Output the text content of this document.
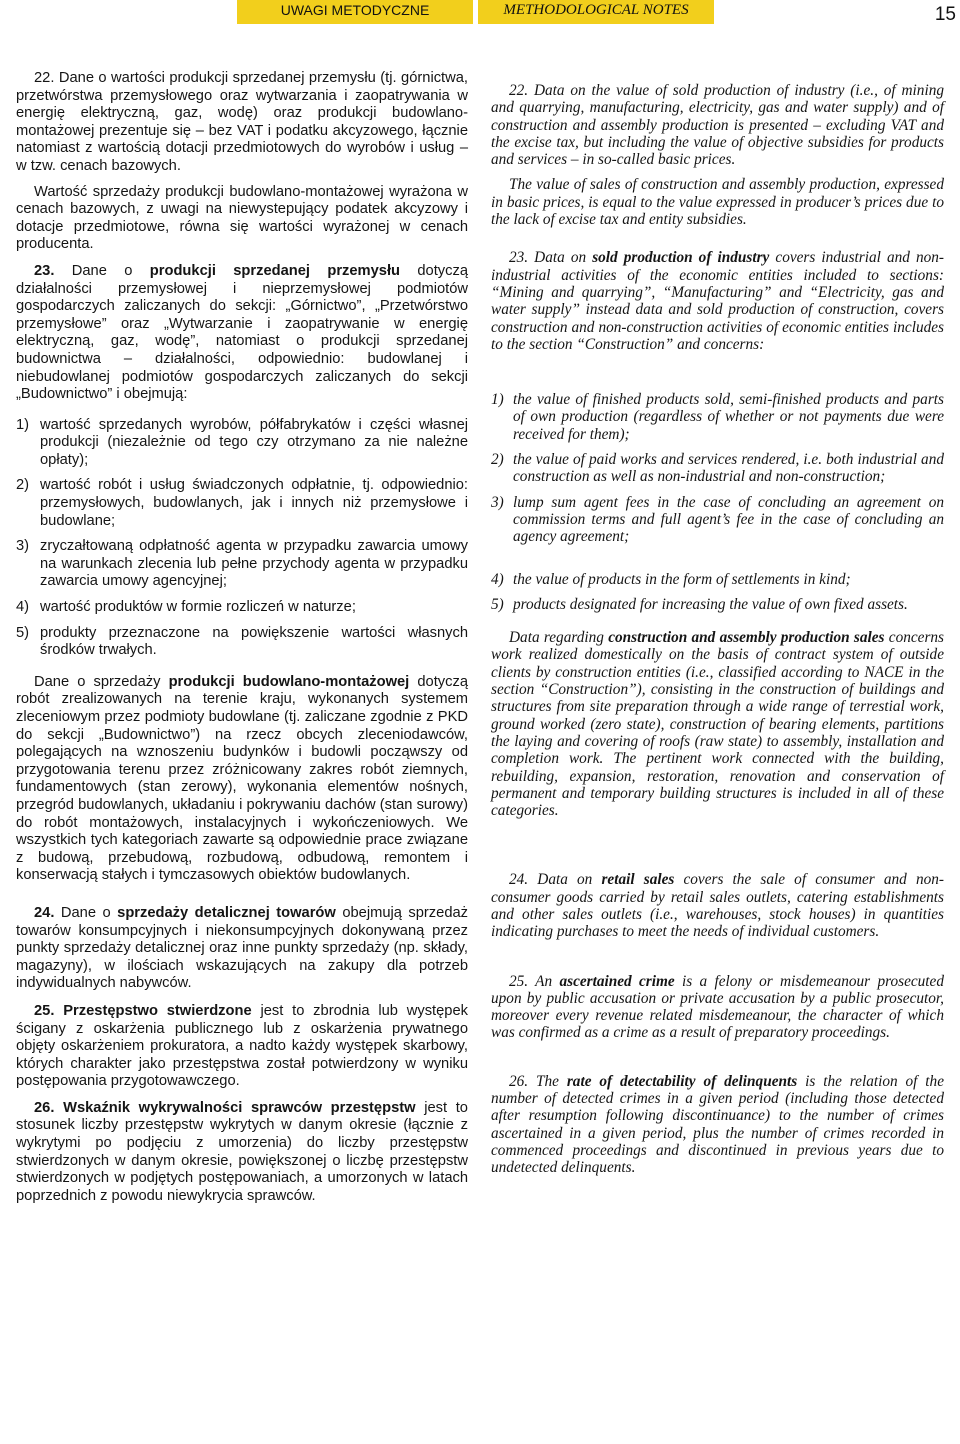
UWAGI METODYCZNE	METHODOLOGICAL NOTES	15

22. Dane o wartości produkcji sprzedanej przemysłu (tj. górnictwa, przetwórstwa przemysłowego oraz wytwarzania i zaopatrywania w energię elektryczną, gaz, wodę) oraz produkcji budowlano-montażowej prezentuje się – bez VAT i podatku akcyzowego, łącznie natomiast z wartością dotacji przedmiotowych do wyrobów i usług – w tzw. cenach bazowych.

Wartość sprzedaży produkcji budowlano-montażowej wyrażona w cenach bazowych, z uwagi na niewystepujący podatek akcyzowy i dotacje przedmiotowe, równa się wartości wyrażonej w cenach producenta.

23. Dane o produkcji sprzedanej przemysłu dotyczą działalności przemysłowej i nieprzemysłowej podmiotów gospodarczych zaliczanych do sekcji: „Górnictwo”, „Przetwórstwo przemysłowe” oraz „Wytwarzanie i zaopatrywanie w energię elektryczną, gaz, wodę”, natomiast o produkcji sprzedanej budownictwa – działalności, odpowiednio: budowlanej i niebudowlanej podmiotów gospodarczych zaliczanych do sekcji „Budownictwo” i obejmują:

1) wartość sprzedanych wyrobów, półfabrykatów i części własnej produkcji (niezależnie od tego czy otrzymano za nie należne opłaty);
2) wartość robót i usług świadczonych odpłatnie, tj. odpowiednio: przemysłowych, budowlanych, jak i innych niż przemysłowe i budowlane;
3) zryczałtowaną odpłatność agenta w przypadku zawarcia umowy na warunkach zlecenia lub pełne przychody agenta w przypadku zawarcia umowy agencyjnej;
4) wartość produktów w formie rozliczeń w naturze;
5) produkty przeznaczone na powiększenie wartości własnych środków trwałych.

Dane o sprzedaży produkcji budowlano-montażowej dotyczą robót zrealizowanych na terenie kraju, wykonanych systemem zleceniowym przez podmioty budowlane (tj. zaliczane zgodnie z PKD do sekcji „Budownictwo”) na rzecz obcych zleceniodawców, polegających na wznoszeniu budynków i budowli począwszy od przygotowania terenu przez zróżnicowany zakres robót ziemnych, fundamentowych (stan zerowy), wykonania elementów nośnych, przegród budowlanych, układaniu i pokrywaniu dachów (stan surowy) do robót montażowych, instalacyjnych i wykończeniowych. We wszystkich tych kategoriach zawarte są odpowiednie prace związane z budową, przebudową, rozbudową, odbudową, remontem i konserwacją stałych i tymczasowych obiektów budowlanych.

24. Dane o sprzedaży detalicznej towarów obejmują sprzedaż towarów konsumpcyjnych i niekonsumpcyjnych dokonywaną przez punkty sprzedaży detalicznej oraz inne punkty sprzedaży (np. składy, magazyny), w ilościach wskazujących na zakupy dla potrzeb indywidualnych nabywców.

25. Przestępstwo stwierdzone jest to zbrodnia lub występek ścigany z oskarżenia publicznego lub z oskarżenia prywatnego objęty oskarżeniem prokuratora, a nadto każdy występek skarbowy, których charakter jako przestępstwa został potwierdzony w wyniku postępowania przygotowawczego.

26. Wskaźnik wykrywalności sprawców przestępstw jest to stosunek liczby przestępstw wykrytych w danym okresie (łącznie z wykrytymi po podjęciu z umorzenia) do liczby przestępstw stwierdzonych w danym okresie, powiększonej o liczbę przestępstw stwierdzonych w podjętych postępowaniach, a umorzonych w latach poprzednich z powodu niewykrycia sprawców.

22. Data on the value of sold production of industry (i.e., of mining and quarrying, manufacturing, electricity, gas and water supply) and of construction and assembly production is presented – excluding VAT and the excise tax, but including the value of objective subsidies for products and services – in so-called basic prices.

The value of sales of construction and assembly production, expressed in basic prices, is equal to the value expressed in producer’s prices due to the lack of excise tax and entity subsidies.

23. Data on sold production of industry covers industrial and non-industrial activities of the economic entities included to sections: “Mining and quarrying”, “Manufacturing” and “Electricity, gas and water supply” instead data and sold production of construction, covers construction and non-construction activities of economic entities includes to the section “Construction” and concerns:

1) the value of finished products sold, semi-finished products and parts of own production (regardless of whether or not payments due were received for them);
2) the value of paid works and services rendered, i.e. both industrial and construction as well as non-industrial and non-construction;
3) lump sum agent fees in the case of concluding an agreement on commission terms and full agent’s fee in the case of concluding an agency agreement;
4) the value of products in the form of settlements in kind;
5) products designated for increasing the value of own fixed assets.

Data regarding construction and assembly production sales concerns work realized domestically on the basis of contract system of outside clients by construction entities (i.e., classified according to NACE in the section “Construction”), consisting in the construction of buildings and structures from site preparation through a wide range of terrestial work, ground worked (zero state), construction of bearing elements, partitions the laying and covering of roofs (raw state) to assembly, installation and completion work. The pertinent work connected with the building, rebuilding, expansion, restoration, renovation and conservation of permanent and temporary building structures is included in all of these categories.

24. Data on retail sales covers the sale of consumer and non-consumer goods carried by retail sales outlets, catering establishments and other sales outlets (i.e., warehouses, stock houses) in quantities indicating purchases to meet the needs of individual customers.

25. An ascertained crime is a felony or misdemeanour prosecuted upon by public accusation or private accusation by a public prosecutor, moreover every revenue related misdemeanour, the character of which was confirmed as a crime as a result of preparatory proceedings.

26. The rate of detectability of delinquents is the relation of the number of detected crimes in a given period (including those detected after resumption following discontinuance) to the number of crimes ascertained in a given period, plus the number of crimes recorded in commenced proceedings and discontinued in previous years due to undetected delinquents.
